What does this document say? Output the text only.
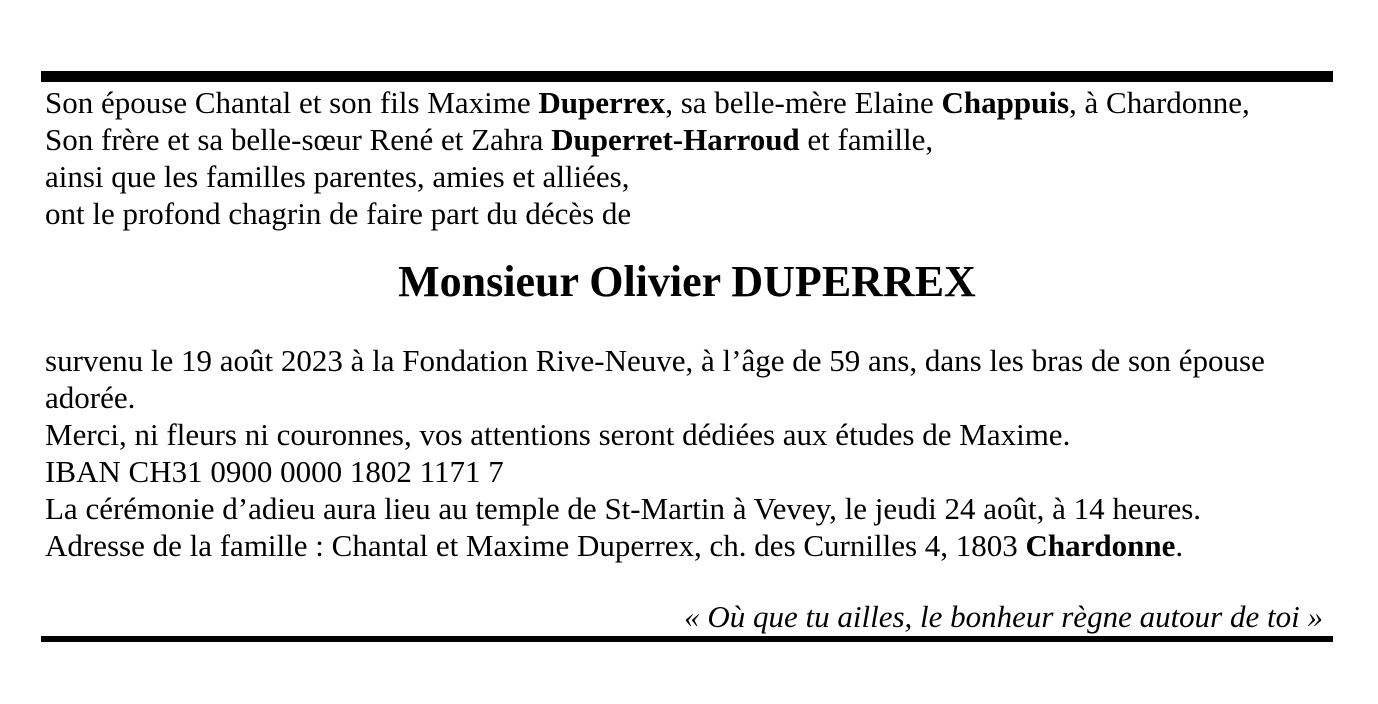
Son épouse Chantal et son fils Maxime Duperrex, sa belle-mère Elaine Chappuis, à Chardonne,
Son frère et sa belle-sœur René et Zahra Duperret-Harroud et famille,
ainsi que les familles parentes, amies et alliées,
ont le profond chagrin de faire part du décès de
Monsieur Olivier DUPERREX
survenu le 19 août 2023 à la Fondation Rive-Neuve, à l’âge de 59 ans, dans les bras de son épouse
adorée.
Merci, ni fleurs ni couronnes, vos attentions seront dédiées aux études de Maxime.
IBAN CH31 0900 0000 1802 1171 7
La cérémonie d’adieu aura lieu au temple de St-Martin à Vevey, le jeudi 24 août, à 14 heures.
Adresse de la famille : Chantal et Maxime Duperrex, ch. des Curnilles 4, 1803 Chardonne.
« Où que tu ailles, le bonheur règne autour de toi »
